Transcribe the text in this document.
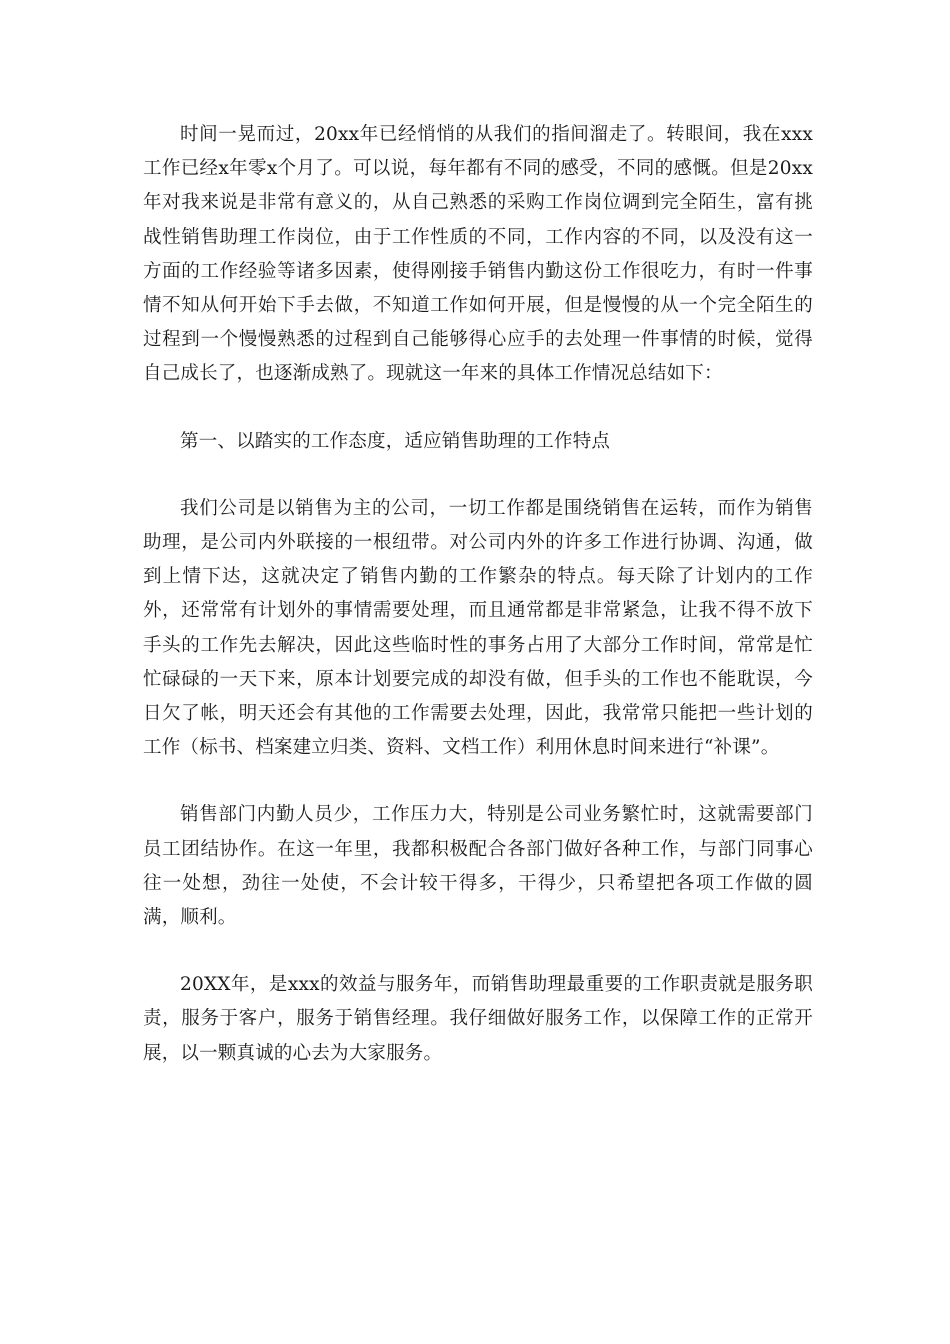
时间一晃而过，20xx年已经悄悄的从我们的指间溜走了。转眼间，我在xxx工作已经x年零x个月了。可以说，每年都有不同的感受，不同的感慨。但是20xx年对我来说是非常有意义的，从自己熟悉的采购工作岗位调到完全陌生，富有挑战性销售助理工作岗位，由于工作性质的不同，工作内容的不同，以及没有这一方面的工作经验等诸多因素，使得刚接手销售内勤这份工作很吃力，有时一件事情不知从何开始下手去做，不知道工作如何开展，但是慢慢的从一个完全陌生的过程到一个慢慢熟悉的过程到自己能够得心应手的去处理一件事情的时候，觉得自己成长了，也逐渐成熟了。现就这一年来的具体工作情况总结如下：

第一、以踏实的工作态度，适应销售助理的工作特点

我们公司是以销售为主的公司，一切工作都是围绕销售在运转，而作为销售助理，是公司内外联接的一根纽带。对公司内外的许多工作进行协调、沟通，做到上情下达，这就决定了销售内勤的工作繁杂的特点。每天除了计划内的工作外，还常常有计划外的事情需要处理，而且通常都是非常紧急，让我不得不放下手头的工作先去解决，因此这些临时性的事务占用了大部分工作时间，常常是忙忙碌碌的一天下来，原本计划要完成的却没有做，但手头的工作也不能耽误，今日欠了帐，明天还会有其他的工作需要去处理，因此，我常常只能把一些计划的工作（标书、档案建立归类、资料、文档工作）利用休息时间来进行“补课”。

销售部门内勤人员少，工作压力大，特别是公司业务繁忙时，这就需要部门员工团结协作。在这一年里，我都积极配合各部门做好各种工作，与部门同事心往一处想，劲往一处使，不会计较干得多，干得少，只希望把各项工作做的圆满，顺利。

20XX年，是xxx的效益与服务年，而销售助理最重要的工作职责就是服务职责，服务于客户，服务于销售经理。我仔细做好服务工作，以保障工作的正常开展，以一颗真诚的心去为大家服务。
